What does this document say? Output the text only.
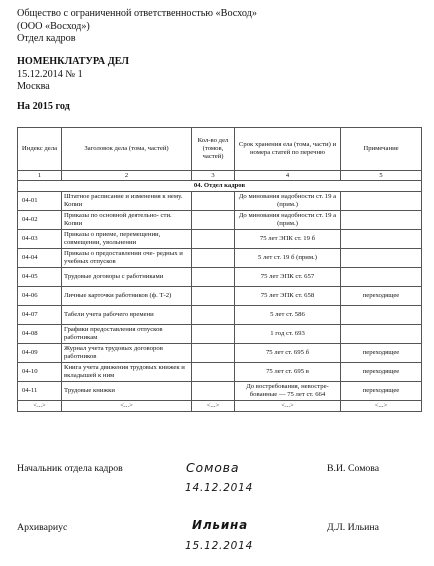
Общество с ограниченной ответственностью «Восход»
(ООО «Восход»)
Отдел кадров
НОМЕНКЛАТУРА ДЕЛ
15.12.2014 № 1
Москва
На 2015 год
Индекс дела	Заголовок дела (тома, частей)	Кол-во дел (томов, частей)	Срок хранения ела (тома, части) и номера статей по перечню	Примечание
1	2	3	4	5
04. Отдел кадров				
04-01	Штатное расписание и изменения к нему. Копии		До минования надобности ст. 19 а (прим.)	
04-02	Приказы по основной деятельно- сти. Копии		До минования надобности ст. 19 а (прим.)	
04-03	Приказы о приеме, перемещении, совмещении, увольнении		75 лет ЭПК ст. 19 б	
04-04	Приказы о предоставлении оче- редных и учебных отпусков		5 лет ст. 19 б (прим.)	
04-05	Трудовые договоры с работниками		75 лет ЭПК ст. 657	
04-06	Личные карточки работников (ф. Т-2)		75 лет ЭПК ст. 658	переходящее
04-07	Табели учета рабочего времени		5 лет ст. 586	
04-08	Графики предоставления отпусков работникам		1 год ст. 693	
04-09	Журнал учета трудовых договоров работников		75 лет ст. 695 б	переходящее
04-10	Книга учета движения трудовых книжек и вкладышей к ним		75 лет ст. 695 в	переходящее
04-11	Трудовые книжки		До востребования, невостре- бованные — 75 лет ст. 664	переходящее
<...>	<...>	<...>	<...>	<...>
Начальник отдела кадров	Сомова
14.12.2014
В.И. Сомова
Архивариус	Ильина
15.12.2014
Д.Л. Ильина
